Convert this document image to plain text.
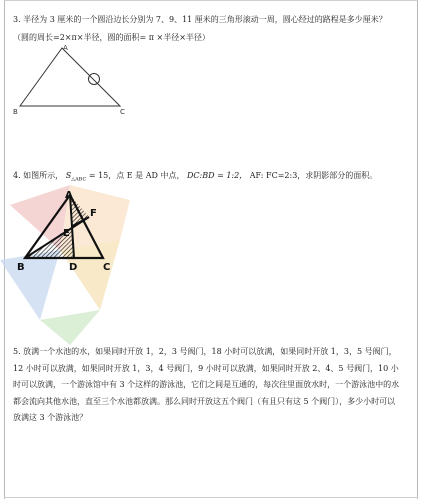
3. 半径为 3 厘米的一个圆沿边长分别为 7、9、11 厘米的三角形滚动一周，圆心经过的路程是多少厘米？
（圆的周长=2×π×半径，圆的面积= π ×半径×半径）
A
B	C
4. 如图所示， $S_{\triangle ABC} = 15$，点 E 是 AD 中点， DC:BD = 1:2， AF: FC=2:3，求阴影部分的面积。
A
F
E
B	D	C
5. 放满一个水池的水，如果同时开放 1，2，3 号阀门，18 小时可以放满，如果同时开放 1，3，5 号阀门，
12 小时可以放满，如果同时开放 1，3，4 号阀门，9 小时可以放满，如果同时开放 2、4、5 号阀门，10 小
时可以放满，一个游泳馆中有 3 个这样的游泳池，它们之间是互通的，每次往里面放水时，一个游泳池中的水
都会流向其他水池，直至三个水池都放满。那么同时开放这五个阀门（有且只有这 5 个阀门），多少小时可以
放满这 3 个游泳池？
